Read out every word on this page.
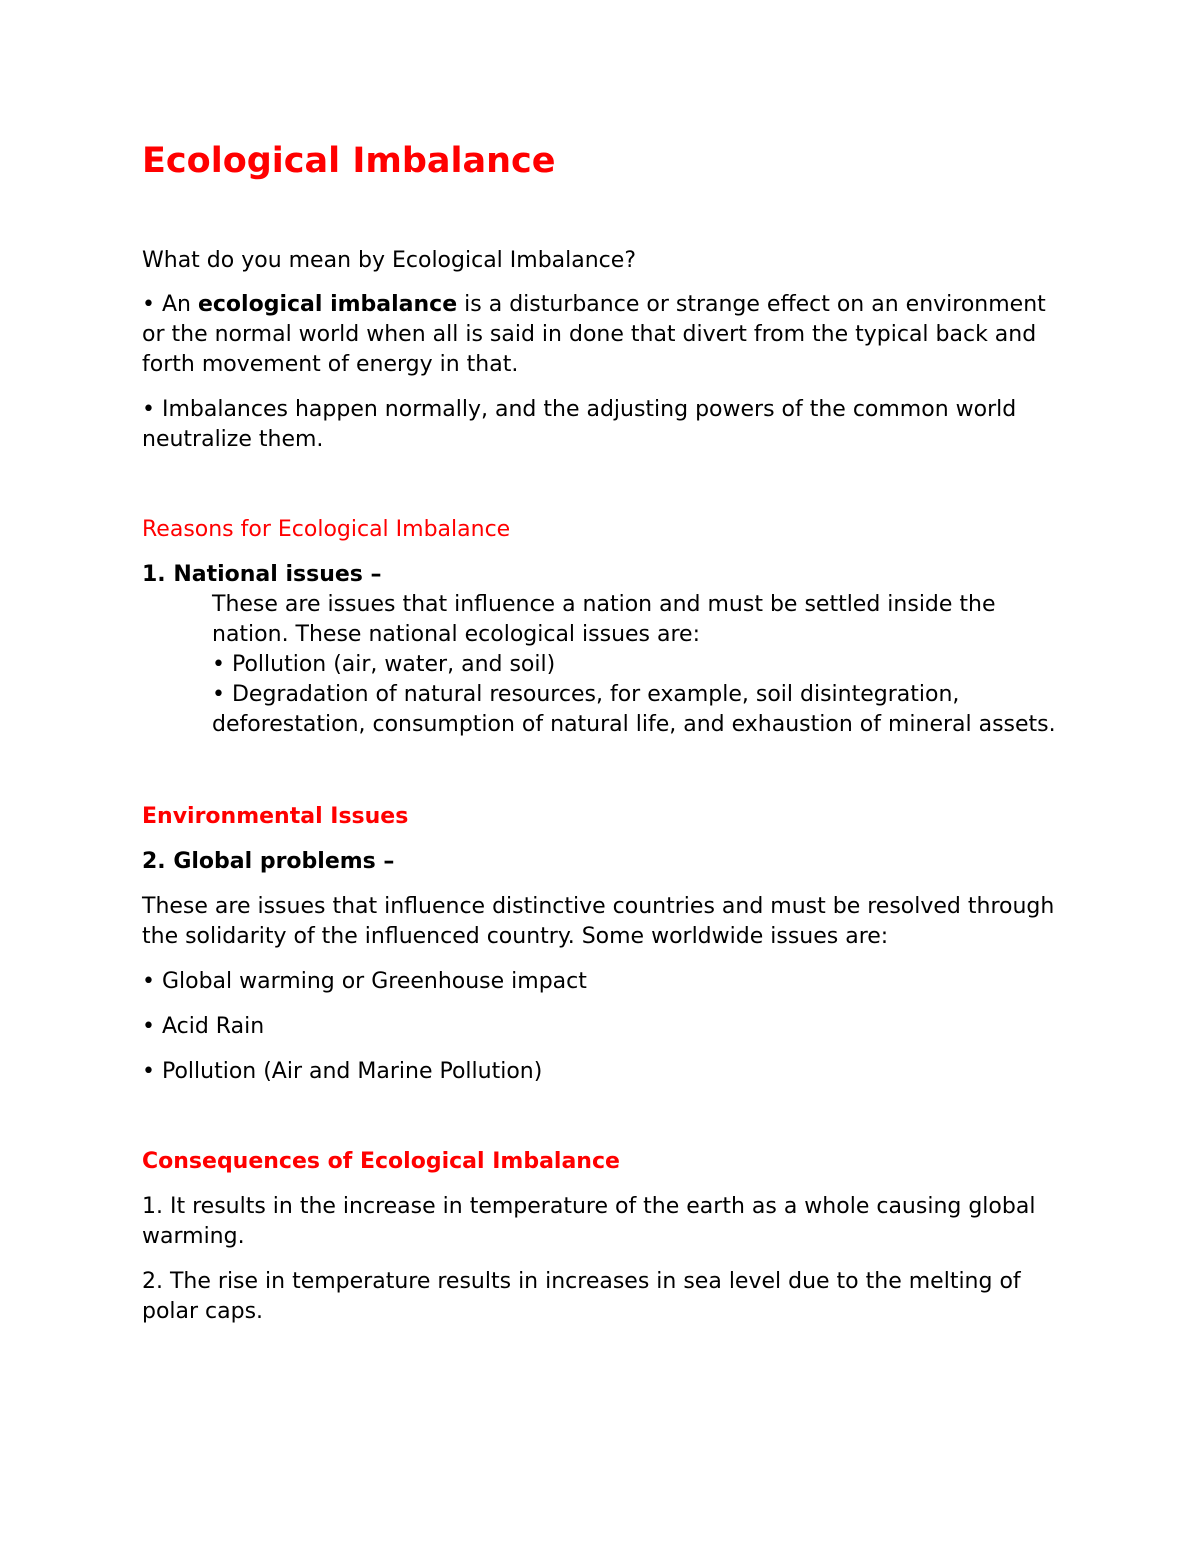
Ecological Imbalance

What do you mean by Ecological Imbalance?

• An ecological imbalance is a disturbance or strange effect on an environment or the normal world when all is said in done that divert from the typical back and forth movement of energy in that.

• Imbalances happen normally, and the adjusting powers of the common world neutralize them.

Reasons for Ecological Imbalance

1. National issues –

These are issues that influence a nation and must be settled inside the nation. These national ecological issues are:

• Pollution (air, water, and soil)

• Degradation of natural resources, for example, soil disintegration, deforestation, consumption of natural life, and exhaustion of mineral assets.

Environmental Issues

2. Global problems –

These are issues that influence distinctive countries and must be resolved through the solidarity of the influenced country. Some worldwide issues are:

• Global warming or Greenhouse impact

• Acid Rain

• Pollution (Air and Marine Pollution)

Consequences of Ecological Imbalance

1. It results in the increase in temperature of the earth as a whole causing global warming.

2. The rise in temperature results in increases in sea level due to the melting of polar caps.
